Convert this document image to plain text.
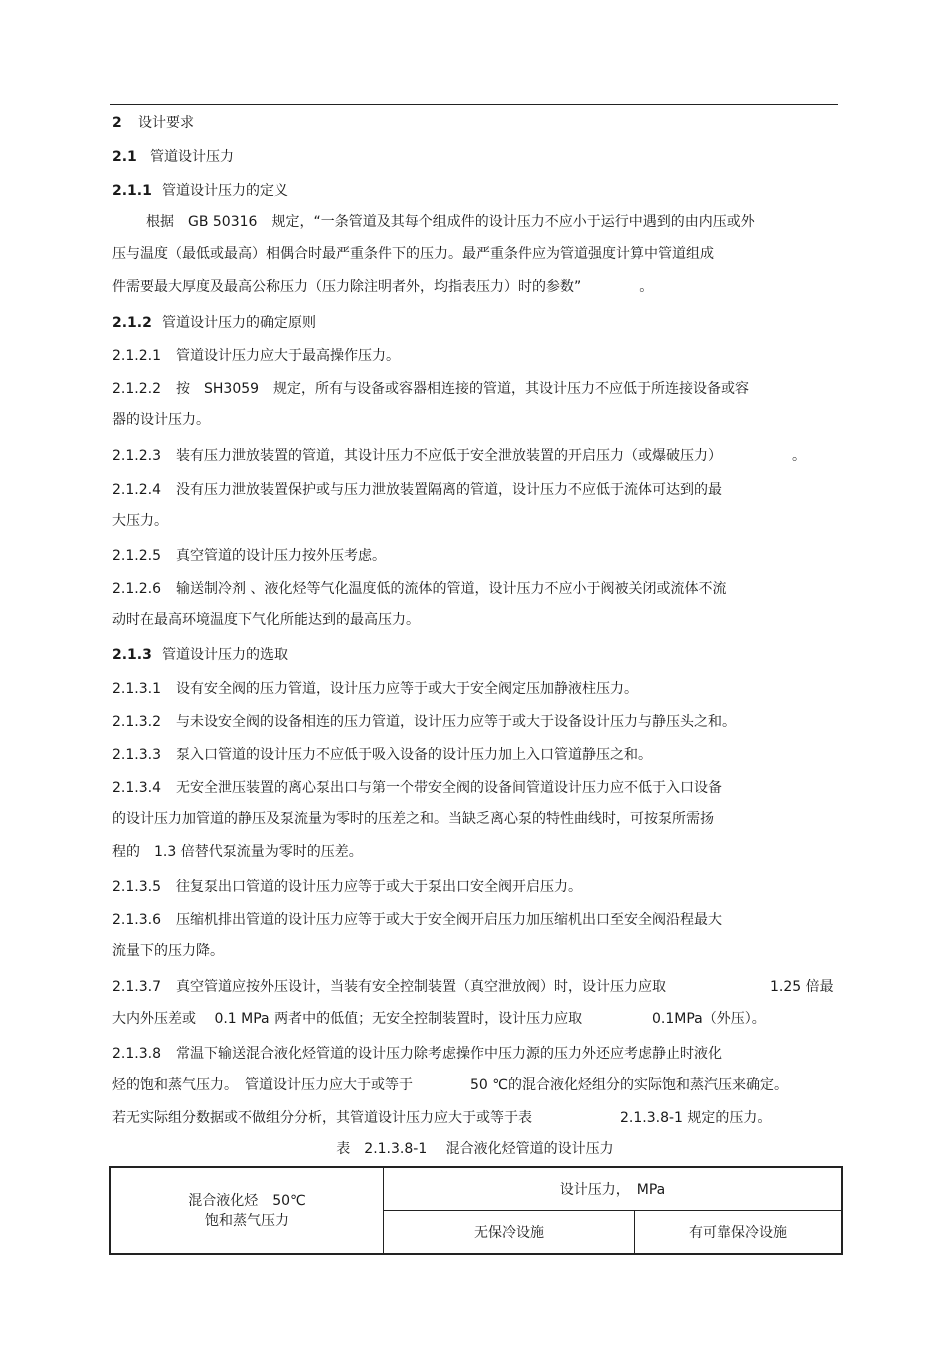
2 设计要求
2.1 管道设计压力
2.1.1 管道设计压力的定义
根据　GB 50316　规定，“一条管道及其每个组成件的设计压力不应小于运行中遇到的由内压或外
压与温度（最低或最高）相偶合时最严重条件下的压力。最严重条件应为管道强度计算中管道组成
件需要最大厚度及最高公称压力（压力除注明者外，均指表压力）时的参数”	。
2.1.2 管道设计压力的确定原则
2.1.2.1 管道设计压力应大于最高操作压力。
2.1.2.2 按　SH3059　规定，所有与设备或容器相连接的管道，其设计压力不应低于所连接设备或容
器的设计压力。
2.1.2.3 装有压力泄放装置的管道，其设计压力不应低于安全泄放装置的开启压力（或爆破压力）	。
2.1.2.4 没有压力泄放装置保护或与压力泄放装置隔离的管道，设计压力不应低于流体可达到的最
大压力。
2.1.2.5 真空管道的设计压力按外压考虑。
2.1.2.6 输送制冷剂 、液化烃等气化温度低的流体的管道，设计压力不应小于阀被关闭或流体不流
动时在最高环境温度下气化所能达到的最高压力。
2.1.3 管道设计压力的选取
2.1.3.1 设有安全阀的压力管道，设计压力应等于或大于安全阀定压加静液柱压力。
2.1.3.2 与未设安全阀的设备相连的压力管道，设计压力应等于或大于设备设计压力与静压头之和。
2.1.3.3 泵入口管道的设计压力不应低于吸入设备的设计压力加上入口管道静压之和。
2.1.3.4 无安全泄压装置的离心泵出口与第一个带安全阀的设备间管道设计压力应不低于入口设备
的设计压力加管道的静压及泵流量为零时的压差之和。当缺乏离心泵的特性曲线时，可按泵所需扬
程的　1.3 倍替代泵流量为零时的压差。
2.1.3.5 往复泵出口管道的设计压力应等于或大于泵出口安全阀开启压力。
2.1.3.6 压缩机排出管道的设计压力应等于或大于安全阀开启压力加压缩机出口至安全阀沿程最大
流量下的压力降。
2.1.3.7 真空管道应按外压设计，当装有安全控制装置（真空泄放阀）时，设计压力应取	1.25 倍最
大内外压差或　 0.1 MPa 两者中的低值；无安全控制装置时，设计压力应取	0.1MPa（外压）。
2.1.3.8 常温下输送混合液化烃管道的设计压力除考虑操作中压力源的压力外还应考虑静止时液化
烃的饱和蒸气压力。　管道设计压力应大于或等于	50 ℃的混合液化烃组分的实际饱和蒸汽压来确定。
若无实际组分数据或不做组分分析，其管道设计压力应大于或等于表	2.1.3.8-1 规定的压力。
表　2.1.3.8-1　 混合液化烃管道的设计压力
混合液化烃　50℃
饱和蒸气压力	设计压力，　MPa	
	无保冷设施	有可靠保冷设施
